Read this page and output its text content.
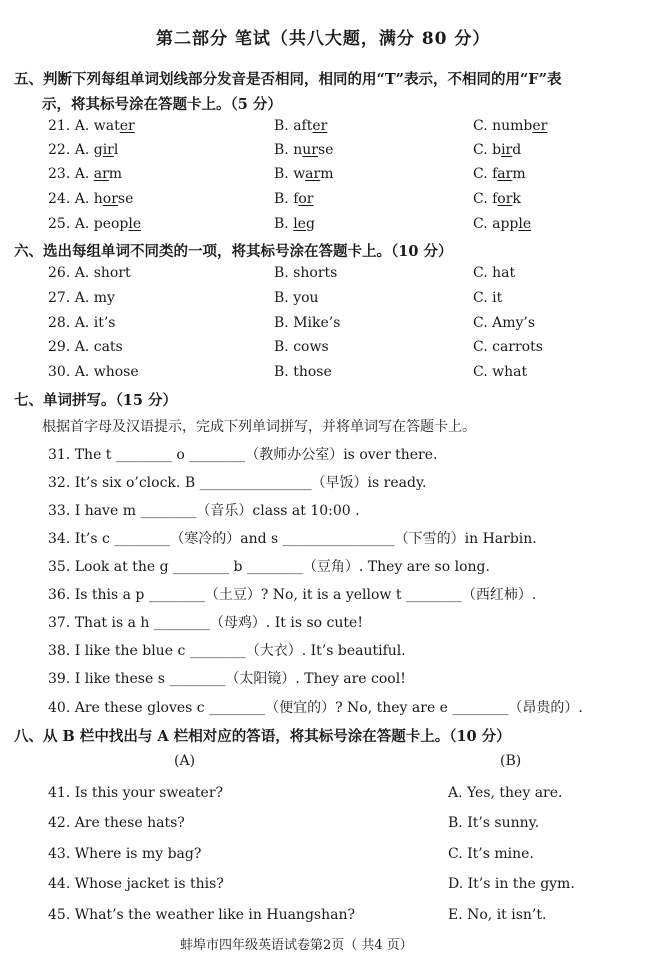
第二部分 笔试（共八大题，满分 80 分）
五、判断下列每组单词划线部分发音是否相同，相同的用“T”表示，不相同的用“F”表
示，将其标号涂在答题卡上。（5 分）
21. A. water	B. after	C. number
22. A. girl	B. nurse	C. bird
23. A. arm	B. warm	C. farm
24. A. horse	B. for	C. fork
25. A. people	B. leg	C. apple
六、选出每组单词不同类的一项，将其标号涂在答题卡上。（10 分）
26. A. short	B. shorts	C. hat
27. A. my	B. you	C. it
28. A. it’s	B. Mike’s	C. Amy’s
29. A. cats	B. cows	C. carrots
30. A. whose	B. those	C. what
七、单词拼写。（15 分）
根据首字母及汉语提示，完成下列单词拼写，并将单词写在答题卡上。
31. The t ________ o ________（教师办公室）is over there.
32. It’s six o’clock. B ________________（早饭）is ready.
33. I have m ________（音乐）class at 10:00 .
34. It’s c ________（寒冷的）and s ________________（下雪的）in Harbin.
35. Look at the g ________ b ________（豆角）. They are so long.
36. Is this a p ________（土豆）? No, it is a yellow t ________（西红柿）.
37. That is a h ________（母鸡）. It is so cute!
38. I like the blue c ________（大衣）. It’s beautiful.
39. I like these s ________（太阳镜）. They are cool!
40. Are these gloves c ________（便宜的）? No, they are e ________（昂贵的）.
八、从 B 栏中找出与 A 栏相对应的答语，将其标号涂在答题卡上。（10 分）
(A)	(B)
41. Is this your sweater?	A. Yes, they are.
42. Are these hats?	B. It’s sunny.
43. Where is my bag?	C. It’s mine.
44. Whose jacket is this?	D. It’s in the gym.
45. What’s the weather like in Huangshan?	E. No, it isn’t.
蚌埠市四年级英语试卷第2页（ 共4 页）
